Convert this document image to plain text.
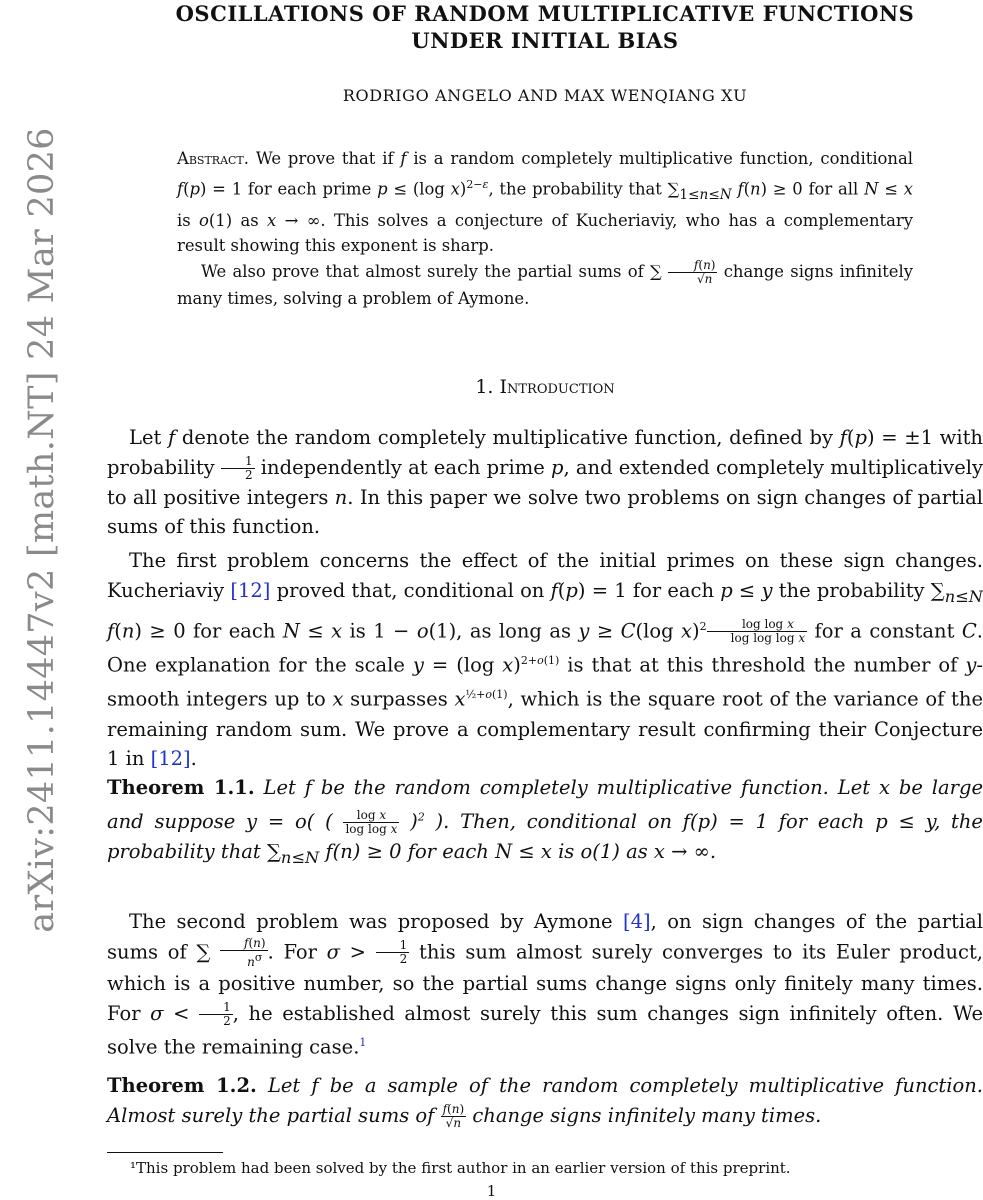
arXiv:2411.14447v2 [math.NT] 24 Mar 2026
OSCILLATIONS OF RANDOM MULTIPLICATIVE FUNCTIONS
UNDER INITIAL BIAS
RODRIGO ANGELO AND MAX WENQIANG XU

Abstract. We prove that if f is a random completely multiplicative function, conditional f(p) = 1 for each prime p ≤ (log x)$^{2-\varepsilon}$, the probability that $\sum_{1\le n\le N}$ f(n) ≥ 0 for all N ≤ x is o(1) as x → ∞. This solves a conjecture of Kucheriaviy, who has a complementary result showing this exponent is sharp.

We also prove that almost surely the partial sums of ∑ $\frac{f(n)}{√n}$ change signs infinitely many times, solving a problem of Aymone.

1. Introduction

Let f denote the random completely multiplicative function, defined by f(p) = ±1 with probability $\frac{1}{2}$ independently at each prime p, and extended completely multiplicatively to all positive integers n. In this paper we solve two problems on sign changes of partial sums of this function.

The first problem concerns the effect of the initial primes on these sign changes. Kucheriaviy [12] proved that, conditional on f(p) = 1 for each p ≤ y the probability $\sum_{n\le N}$ f(n) ≥ 0 for each N ≤ x is 1 − o(1), as long as y ≥ C(log $x)^2 \frac{\text{log log x}}{\text{log log log x}}$ for a constant C. One explanation for the scale y = (log x)$^{2+o(1)}$ is that at this threshold the number of y-smooth integers up to x surpasses $x^{\frac{1}{2}+o(1)}$, which is the square root of the variance of the remaining random sum. We prove a complementary result confirming their Conjecture 1 in [12].

Theorem 1.1. Let f be the random completely multiplicative function. Let x be large and suppose y = o( ( $\frac{\text{log x}}{\text{log log x}} )^2$ ). Then, conditional on f(p) = 1 for each p ≤ y, the probability that $\sum_{n\le N}$ f(n) ≥ 0 for each N ≤ x is o(1) as x → ∞.

The second problem was proposed by Aymone [4], on sign changes of the partial sums of ∑ $\frac{f(n)}{n^\sigma}$ . For $\sigma > \frac{1}{2}$ this sum almost surely converges to its Euler product, which is a positive number, so the partial sums change signs only finitely many times. For $\sigma < \frac{1}{2}$ , he established almost surely this sum changes sign infinitely often. We solve the remaining case.$^1$

Theorem 1.2. Let f be a sample of the random completely multiplicative function. Almost surely the partial sums of $\frac{f(n)}{√n}$ change signs infinitely many times.

¹This problem had been solved by the first author in an earlier version of this preprint.
1
